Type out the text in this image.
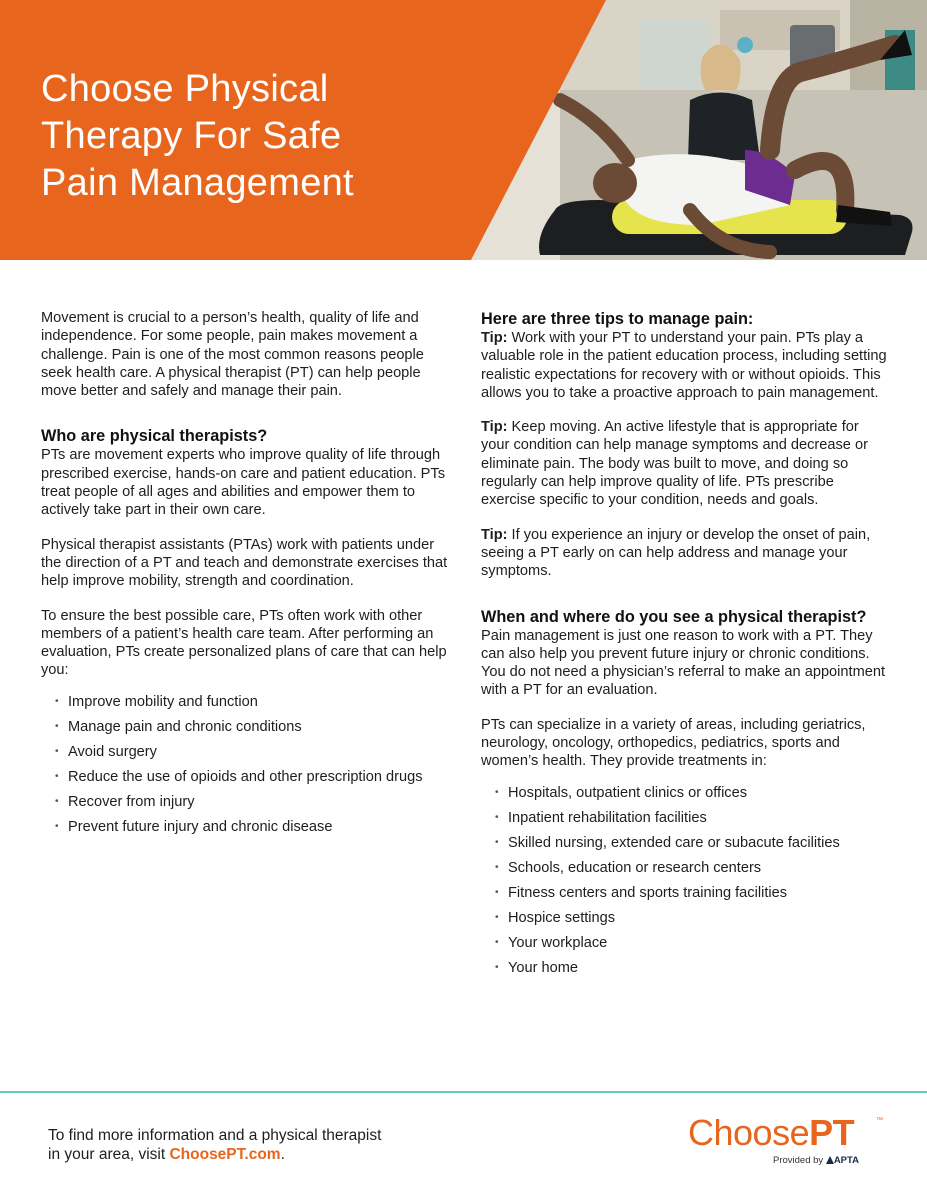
Choose Physical
Therapy For Safe
Pain Management

Movement is crucial to a person’s health, quality of life and independence. For some people, pain makes movement a challenge. Pain is one of the most common reasons people seek health care. A physical therapist (PT) can help people move better and safely and manage their pain.

Who are physical therapists?

PTs are movement experts who improve quality of life through prescribed exercise, hands-on care and patient education. PTs treat people of all ages and abilities and empower them to actively take part in their own care.

Physical therapist assistants (PTAs) work with patients under the direction of a PT and teach and demonstrate exercises that help improve mobility, strength and coordination.

To ensure the best possible care, PTs often work with other members of a patient’s health care team. After performing an evaluation, PTs create personalized plans of care that can help you:

• Improve mobility and function
• Manage pain and chronic conditions
• Avoid surgery
• Reduce the use of opioids and other prescription drugs
• Recover from injury
• Prevent future injury and chronic disease
Here are three tips to manage pain:

Tip: Work with your PT to understand your pain. PTs play a valuable role in the patient education process, including setting realistic expectations for recovery with or without opioids. This allows you to take a proactive approach to pain management.

Tip: Keep moving. An active lifestyle that is appropriate for your condition can help manage symptoms and decrease or eliminate pain. The body was built to move, and doing so regularly can help improve quality of life. PTs prescribe exercise specific to your condition, needs and goals.

Tip: If you experience an injury or develop the onset of pain, seeing a PT early on can help address and manage your symptoms.

When and where do you see a physical therapist?

Pain management is just one reason to work with a PT. They can also help you prevent future injury or chronic conditions. You do not need a physician’s referral to make an appointment with a PT for an evaluation.

PTs can specialize in a variety of areas, including geriatrics, neurology, oncology, orthopedics, pediatrics, sports and women’s health. They provide treatments in:

• Hospitals, outpatient clinics or offices
• Inpatient rehabilitation facilities
• Skilled nursing, extended care or subacute facilities
• Schools, education or research centers
• Fitness centers and sports training facilities
• Hospice settings
• Your workplace
• Your home
To find more information and a physical therapist
in your area, visit ChoosePT.com.
ChoosePT	™
Provided by APTA
